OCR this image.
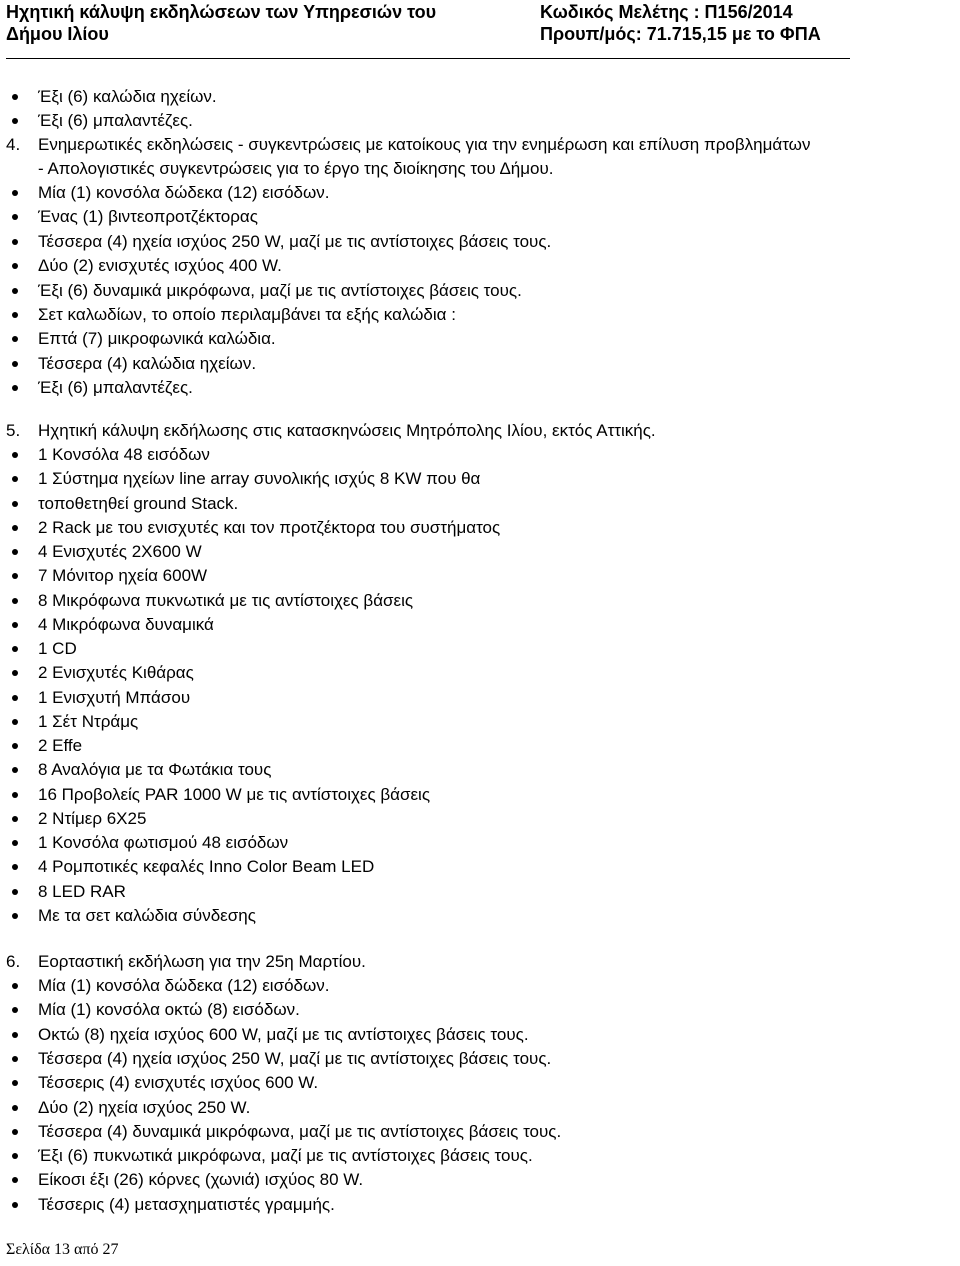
Ηχητική κάλυψη εκδηλώσεων των Υπηρεσιών του
Δήμου Ιλίου
Κωδικός Μελέτης : Π156/2014
Προυπ/μός: 71.715,15 με το ΦΠΑ
Έξι (6) καλώδια ηχείων.
Έξι (6) μπαλαντέζες.
4. Ενημερωτικές εκδηλώσεις - συγκεντρώσεις με κατοίκους για την ενημέρωση και επίλυση προβλημάτων
- Απολογιστικές συγκεντρώσεις για το έργο της διοίκησης του Δήμου.
Μία (1) κονσόλα δώδεκα (12) εισόδων.
Ένας (1) βιντεοπροτζέκτορας
Τέσσερα (4) ηχεία ισχύος 250 W, μαζί με τις αντίστοιχες βάσεις τους.
Δύο (2) ενισχυτές ισχύος 400 W.
Έξι (6) δυναμικά μικρόφωνα, μαζί με τις αντίστοιχες βάσεις τους.
Σετ καλωδίων, το οποίο περιλαμβάνει τα εξής καλώδια :
Επτά (7) μικροφωνικά καλώδια.
Τέσσερα (4) καλώδια ηχείων.
Έξι (6) μπαλαντέζες.
5. Ηχητική κάλυψη εκδήλωσης στις κατασκηνώσεις Μητρόπολης Ιλίου, εκτός Αττικής.
1 Κονσόλα 48 εισόδων
1 Σύστημα ηχείων line array συνολικής ισχύς 8 KW που θα
τοποθετηθεί ground Stack.
2 Rack με του ενισχυτές και τον προτζέκτορα του συστήματος
4 Ενισχυτές 2Χ600 W
7 Μόνιτορ ηχεία 600W
8 Μικρόφωνα πυκνωτικά με τις αντίστοιχες βάσεις
4 Μικρόφωνα δυναμικά
1 CD
2 Ενισχυτές Κιθάρας
1 Ενισχυτή Μπάσου
1 Σέτ Ντράμς
2 Effe
8 Αναλόγια με τα Φωτάκια τους
16 Προβολείς PAR 1000 W με τις αντίστοιχες βάσεις
2 Ντίμερ 6Χ25
1 Κονσόλα φωτισμού 48 εισόδων
4 Ρομποτικές κεφαλές Inno Color Beam LED
8 LED RAR
Με τα σετ καλώδια σύνδεσης
6. Εορταστική εκδήλωση για την 25η Μαρτίου.
Μία (1) κονσόλα δώδεκα (12) εισόδων.
Μία (1) κονσόλα οκτώ (8) εισόδων.
Οκτώ (8) ηχεία ισχύος 600 W, μαζί με τις αντίστοιχες βάσεις τους.
Τέσσερα (4) ηχεία ισχύος 250 W, μαζί με τις αντίστοιχες βάσεις τους.
Τέσσερις (4) ενισχυτές ισχύος 600 W.
Δύο (2) ηχεία ισχύος 250 W.
Τέσσερα (4) δυναμικά μικρόφωνα, μαζί με τις αντίστοιχες βάσεις τους.
Έξι (6) πυκνωτικά μικρόφωνα, μαζί με τις αντίστοιχες βάσεις τους.
Είκοσι έξι (26) κόρνες (χωνιά) ισχύος 80 W.
Τέσσερις (4) μετασχηματιστές γραμμής.
Σελίδα 13 από 27
